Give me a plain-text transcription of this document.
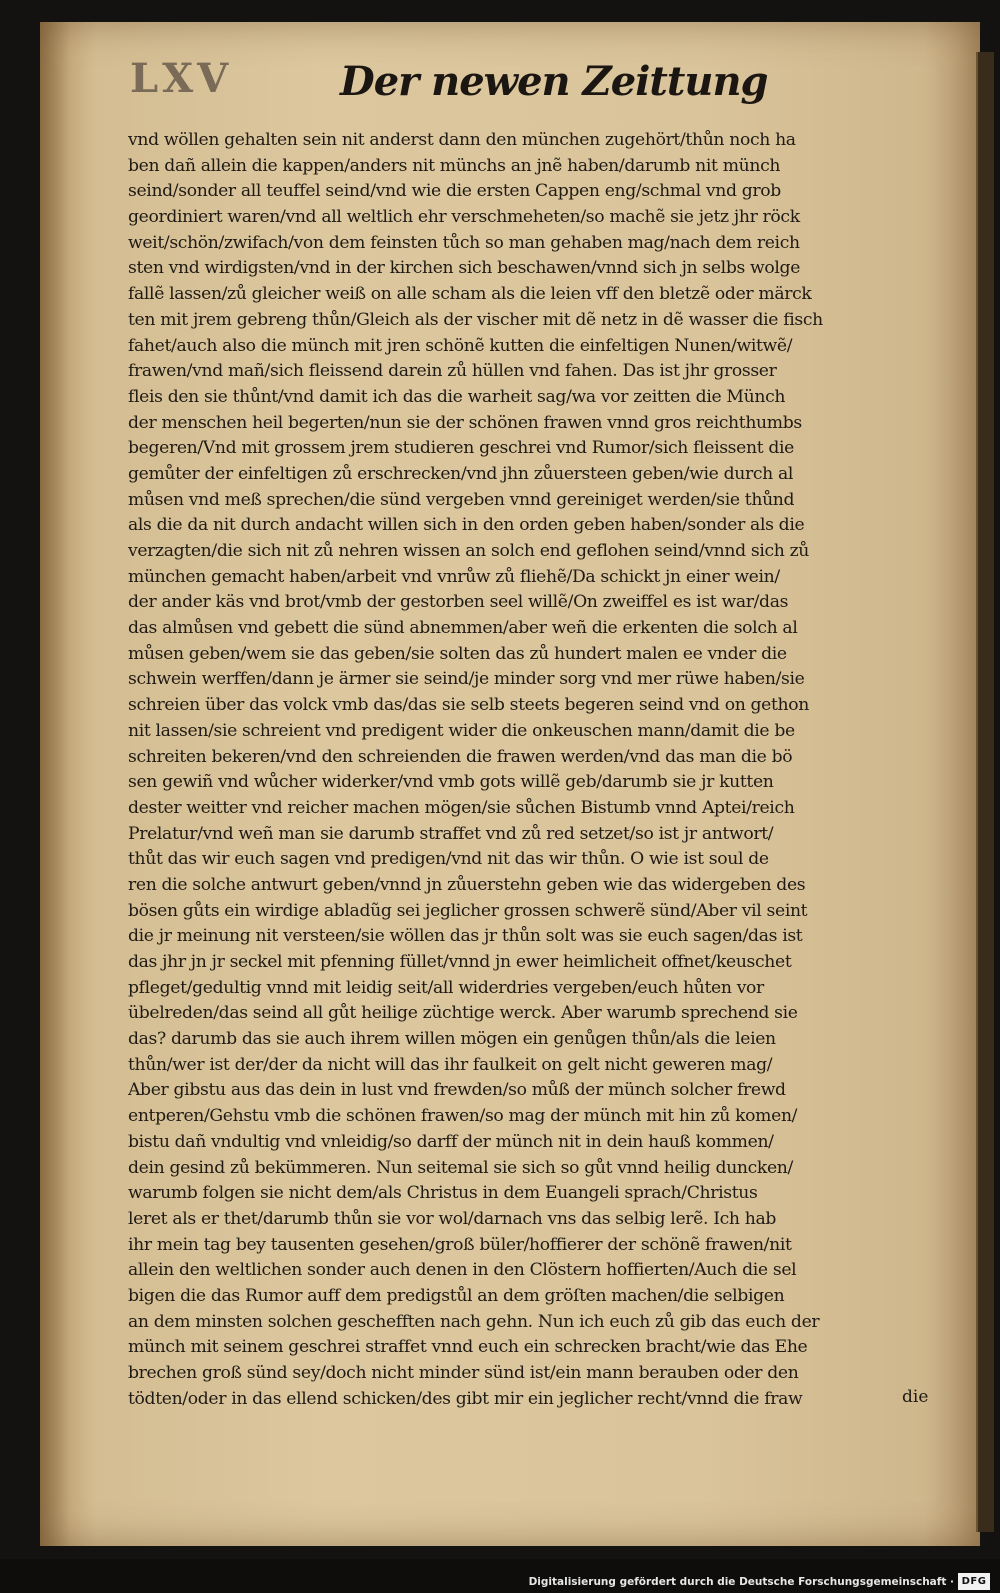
LXV	Der newen Zeittung
vnd wöllen gehalten sein nit anderst dann den münchen zugehört/thůn noch ha
ben dañ allein die kappen/anders nit münchs an jnẽ haben/darumb nit münch
seind/sonder all teuffel seind/vnd wie die ersten Cappen eng/schmal vnd grob
geordiniert waren/vnd all weltlich ehr verschmeheten/so machẽ sie jetz jhr röck
weit/schön/zwifach/von dem feinsten tůch so man gehaben mag/nach dem reich
sten vnd wirdigsten/vnd in der kirchen sich beschawen/vnnd sich jn selbs wolge
fallẽ lassen/zů gleicher weiß on alle scham als die leien vff den bletzẽ oder märck
ten mit jrem gebreng thůn/Gleich als der vischer mit dẽ netz in dẽ wasser die fisch
fahet/auch also die münch mit jren schönẽ kutten die einfeltigen Nunen/witwẽ/
frawen/vnd mañ/sich fleissend darein zů hüllen vnd fahen. Das ist jhr grosser
fleis den sie thůnt/vnd damit ich das die warheit sag/wa vor zeitten die Münch
der menschen heil begerten/nun sie der schönen frawen vnnd gros reichthumbs
begeren/Vnd mit grossem jrem studieren geschrei vnd Rumor/sich fleissent die
gemůter der einfeltigen zů erschrecken/vnd jhn zůuersteen geben/wie durch al
můsen vnd meß sprechen/die sünd vergeben vnnd gereiniget werden/sie thůnd
als die da nit durch andacht willen sich in den orden geben haben/sonder als die
verzagten/die sich nit zů nehren wissen an solch end geflohen seind/vnnd sich zů
münchen gemacht haben/arbeit vnd vnrůw zů fliehẽ/Da schickt jn einer wein/
der ander käs vnd brot/vmb der gestorben seel willẽ/On zweiffel es ist war/das
das almůsen vnd gebett die sünd abnemmen/aber weñ die erkenten die solch al
můsen geben/wem sie das geben/sie solten das zů hundert malen ee vnder die
schwein werffen/dann je ärmer sie seind/je minder sorg vnd mer rüwe haben/sie
schreien über das volck vmb das/das sie selb steets begeren seind vnd on gethon
nit lassen/sie schreient vnd predigent wider die onkeuschen mann/damit die be
schreiten bekeren/vnd den schreienden die frawen werden/vnd das man die bö
sen gewiñ vnd wůcher widerker/vnd vmb gots willẽ geb/darumb sie jr kutten
dester weitter vnd reicher machen mögen/sie sůchen Bistumb vnnd Aptei/reich
Prelatur/vnd weñ man sie darumb straffet vnd zů red setzet/so ist jr antwort/
thůt das wir euch sagen vnd predigen/vnd nit das wir thůn. O wie ist soul de
ren die solche antwurt geben/vnnd jn zůuerstehn geben wie das widergeben des
bösen gůts ein wirdige abladũg sei jeglicher grossen schwerẽ sünd/Aber vil seint
die jr meinung nit versteen/sie wöllen das jr thůn solt was sie euch sagen/das ist
das jhr jn jr seckel mit pfenning füllet/vnnd jn ewer heimlicheit offnet/keuschet
pfleget/gedultig vnnd mit leidig seit/all widerdries vergeben/euch hůten vor
übelreden/das seind all gůt heilige züchtige werck. Aber warumb sprechend sie
das? darumb das sie auch ihrem willen mögen ein genůgen thůn/als die leien
thůn/wer ist der/der da nicht will das ihr faulkeit on gelt nicht geweren mag/
Aber gibstu aus das dein in lust vnd frewden/so můß der münch solcher frewd
entperen/Gehstu vmb die schönen frawen/so mag der münch mit hin zů komen/
bistu dañ vndultig vnd vnleidig/so darff der münch nit in dein hauß kommen/
dein gesind zů bekümmeren. Nun seitemal sie sich so gůt vnnd heilig duncken/
warumb folgen sie nicht dem/als Christus in dem Euangeli sprach/Christus
leret als er thet/darumb thůn sie vor wol/darnach vns das selbig lerẽ. Ich hab
ihr mein tag bey tausenten gesehen/groß büler/hoffierer der schönẽ frawen/nit
allein den weltlichen sonder auch denen in den Clöstern hoffierten/Auch die sel
bigen die das Rumor auff dem predigstůl an dem gröſten machen/die selbigen
an dem minsten solchen geschefften nach gehn. Nun ich euch zů gib das euch der
münch mit seinem geschrei straffet vnnd euch ein schrecken bracht/wie das Ehe
brechen groß sünd sey/doch nicht minder sünd ist/ein mann berauben oder den
tödten/oder in das ellend schicken/des gibt mir ein jeglicher recht/vnnd die fraw	die
Digitalisierung gefördert durch die Deutsche Forschungsgemeinschaft · DFG
